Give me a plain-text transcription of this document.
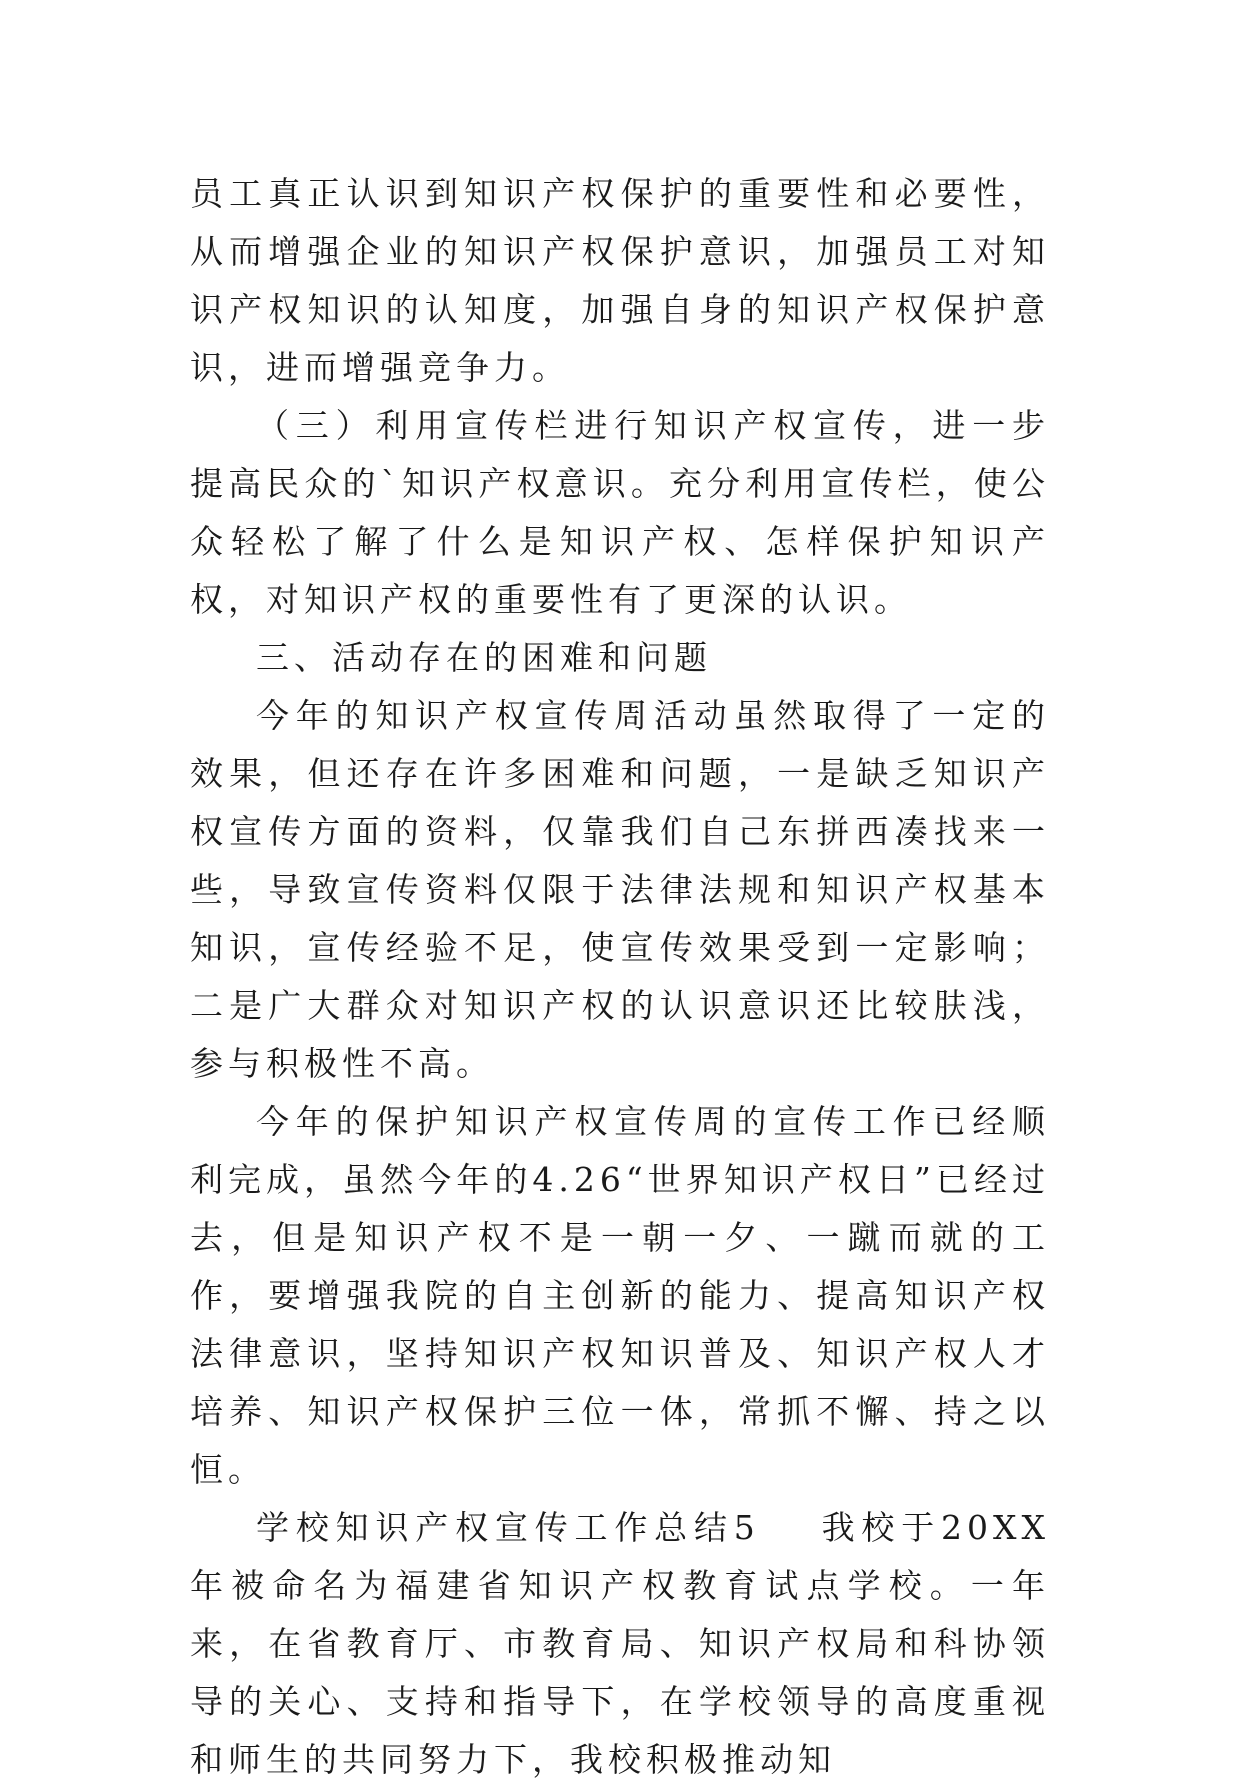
员工真正认识到知识产权保护的重要性和必要性，从而增强企业的知识产权保护意识，加强员工对知识产权知识的认知度，加强自身的知识产权保护意识，进而增强竞争力。

（三）利用宣传栏进行知识产权宣传，进一步提高民众的`知识产权意识。充分利用宣传栏，使公众轻松了解了什么是知识产权、怎样保护知识产权，对知识产权的重要性有了更深的认识。

三、活动存在的困难和问题

今年的知识产权宣传周活动虽然取得了一定的效果，但还存在许多困难和问题，一是缺乏知识产权宣传方面的资料，仅靠我们自己东拼西凑找来一些，导致宣传资料仅限于法律法规和知识产权基本知识，宣传经验不足，使宣传效果受到一定影响；二是广大群众对知识产权的认识意识还比较肤浅，参与积极性不高。

今年的保护知识产权宣传周的宣传工作已经顺利完成，虽然今年的4.26“世界知识产权日”已经过去，但是知识产权不是一朝一夕、一蹴而就的工作，要增强我院的自主创新的能力、提高知识产权法律意识，坚持知识产权知识普及、知识产权人才培养、知识产权保护三位一体，常抓不懈、持之以恒。

学校知识产权宣传工作总结5 我校于20XX年被命名为福建省知识产权教育试点学校。一年来，在省教育厅、市教育局、知识产权局和科协领导的关心、支持和指导下，在学校领导的高度重视和师生的共同努力下，我校积极推动知
